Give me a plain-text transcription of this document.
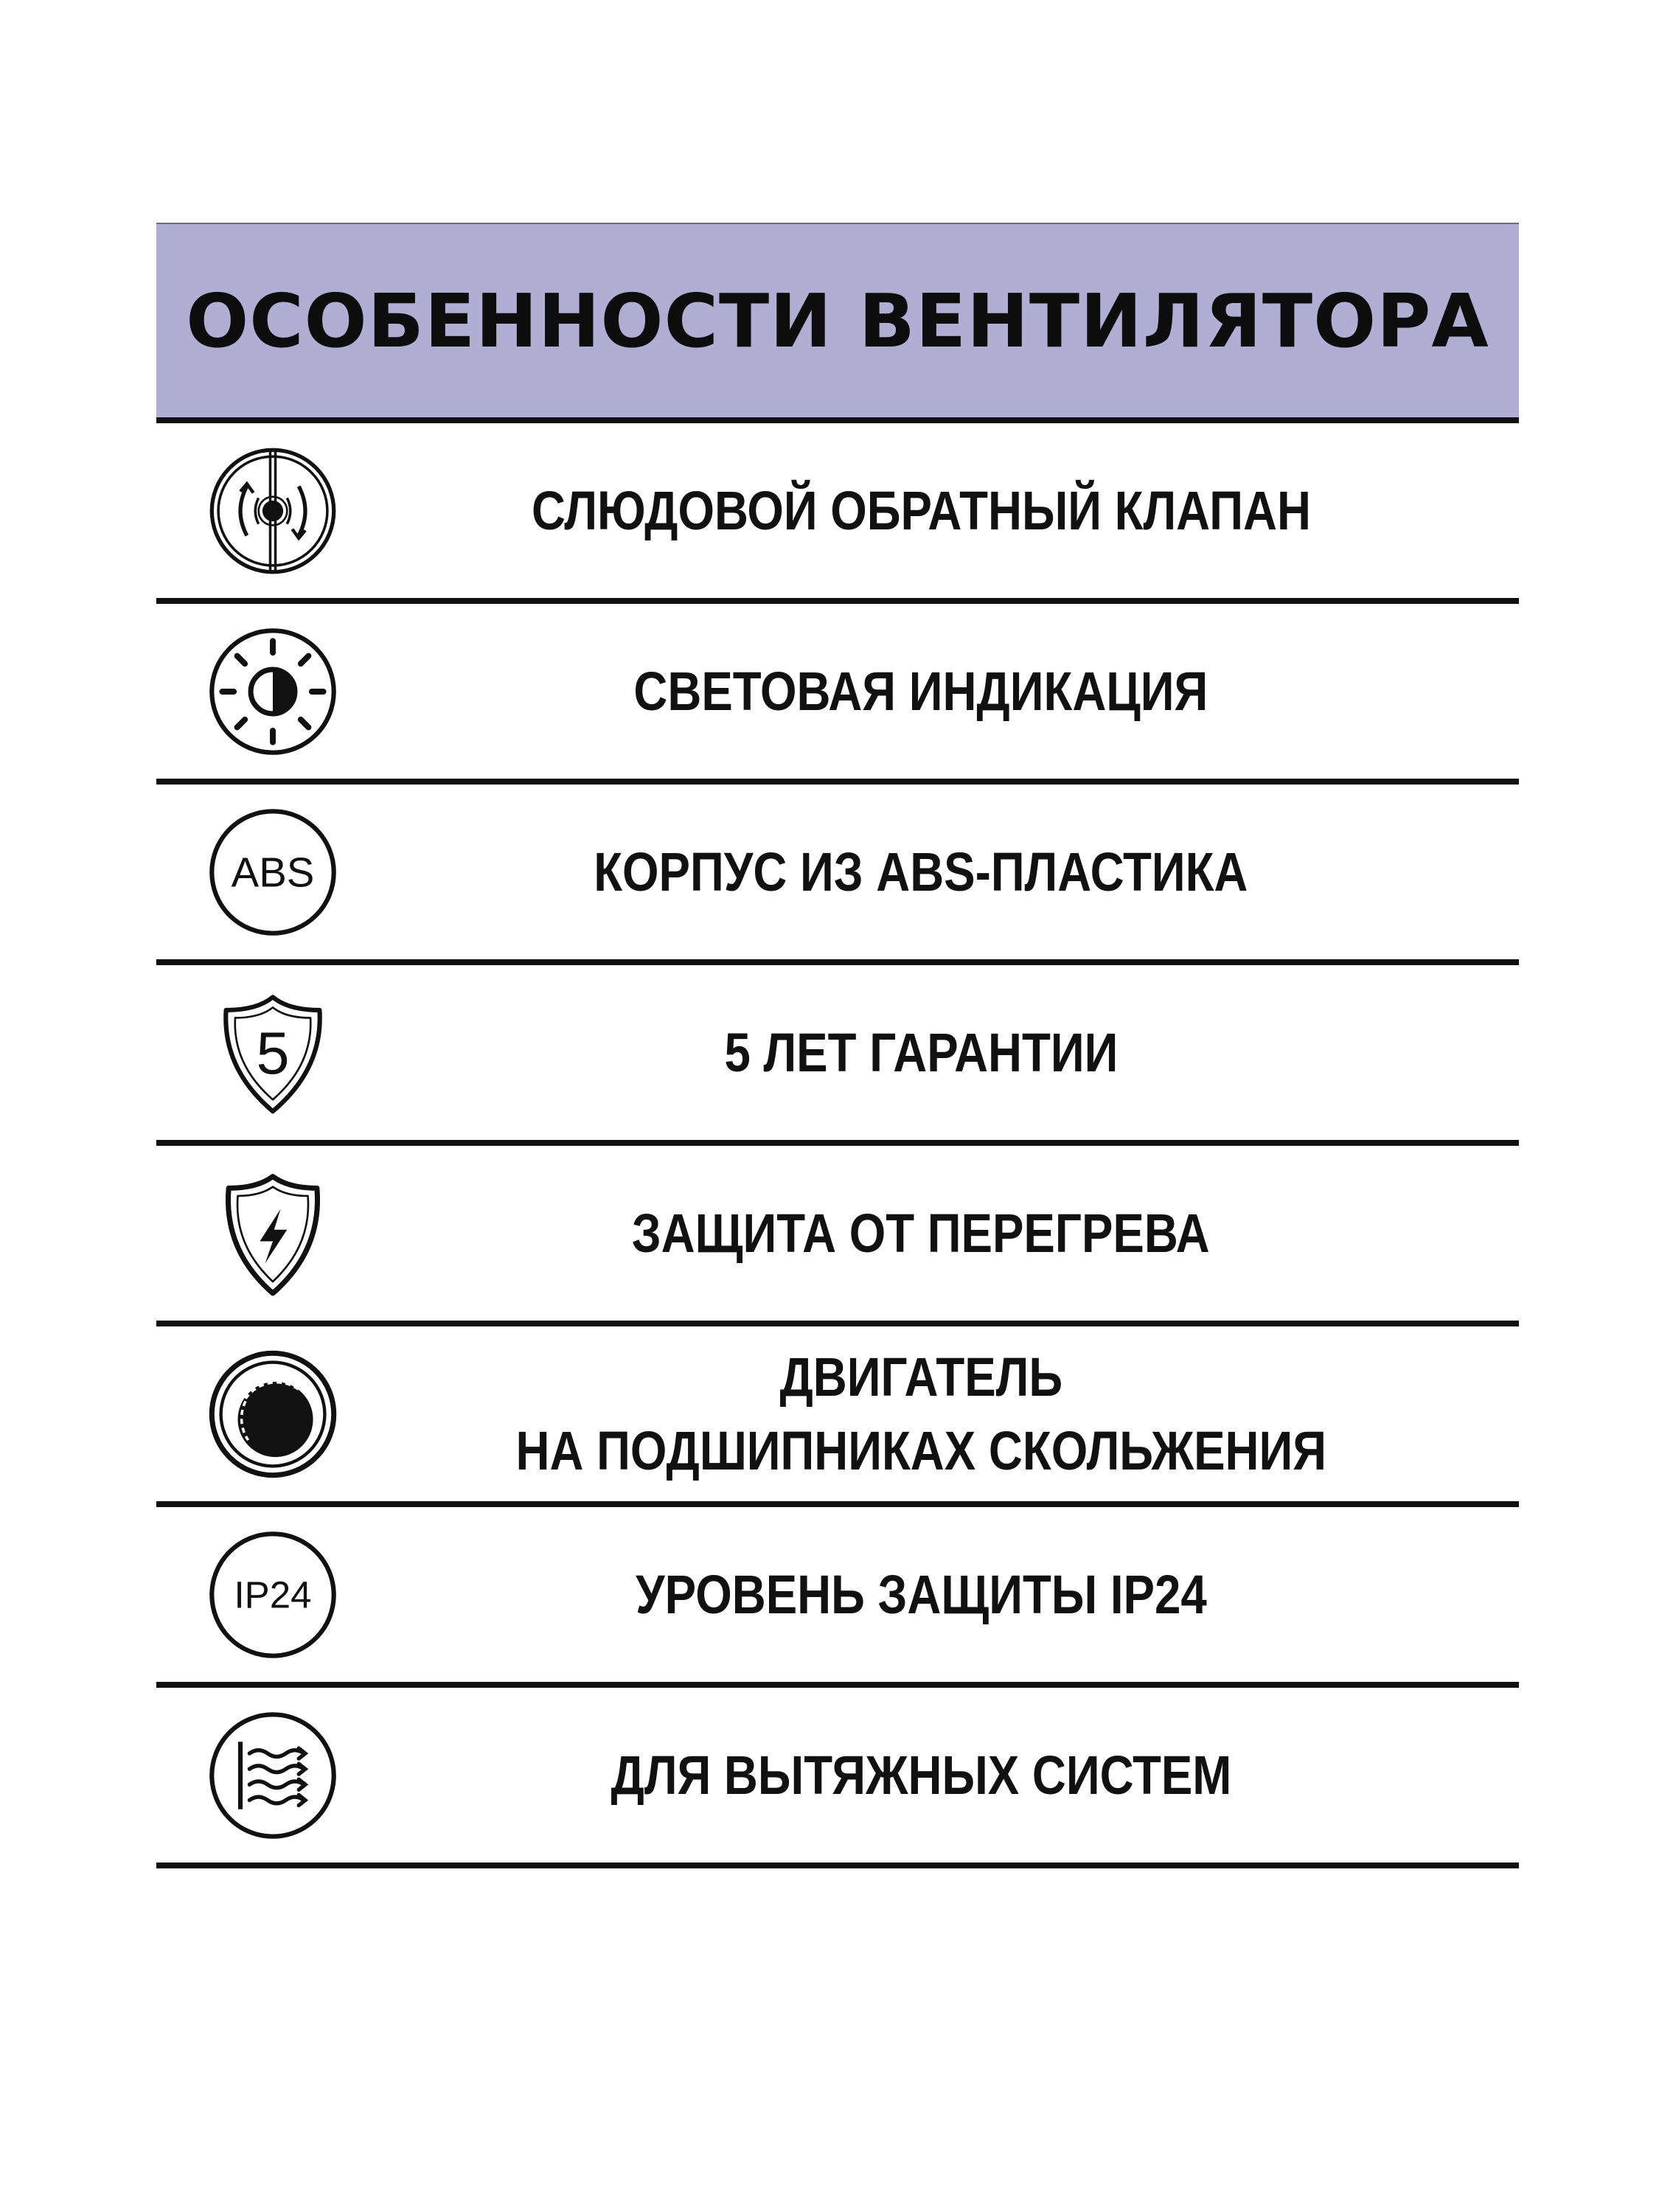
ОСОБЕННОСТИ ВЕНТИЛЯТОРА
СЛЮДОВОЙ ОБРАТНЫЙ КЛАПАН
СВЕТОВАЯ ИНДИКАЦИЯ
ABS	КОРПУС ИЗ ABS-ПЛАСТИКА
5	5 ЛЕТ ГАРАНТИИ
ЗАЩИТА ОТ ПЕРЕГРЕВА
ДВИГАТЕЛЬ
НА ПОДШИПНИКАХ СКОЛЬЖЕНИЯ
IP24	УРОВЕНЬ ЗАЩИТЫ IP24
ДЛЯ ВЫТЯЖНЫХ СИСТЕМ
